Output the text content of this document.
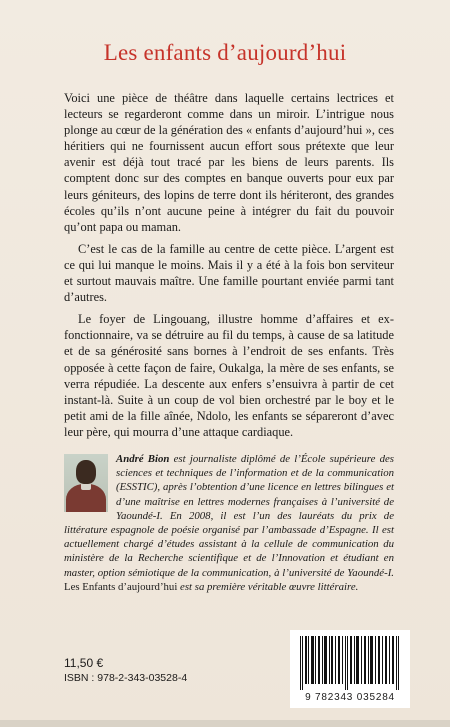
Les enfants d’aujourd’hui

Voici une pièce de théâtre dans laquelle certains lectrices et lecteurs se regarderont comme dans un miroir. L’intrigue nous plonge au cœur de la génération des « enfants d’aujourd’hui », ces héritiers qui ne fournissent aucun effort sous prétexte que leur avenir est déjà tout tracé par les biens de leurs parents. Ils comptent donc sur des comptes en banque ouverts pour eux par leurs géniteurs, des lopins de terre dont ils hériteront, des grandes écoles qu’ils n’ont aucune peine à intégrer du fait du pouvoir qu’ont papa ou maman.

C’est le cas de la famille au centre de cette pièce. L’argent est ce qui lui manque le moins. Mais il y a été à la fois bon serviteur et surtout mauvais maître. Une famille pourtant enviée parmi tant d’autres.

Le foyer de Lingouang, illustre homme d’affaires et ex-fonctionnaire, va se détruire au fil du temps, à cause de sa latitude et de sa générosité sans bornes à l’endroit de ses enfants. Très opposée à cette façon de faire, Oukalga, la mère de ses enfants, se verra répudiée. La descente aux enfers s’ensuivra à partir de cet instant-là. Suite à un coup de vol bien orchestré par le boy et le petit ami de la fille aînée, Ndolo, les enfants se sépareront d’avec leur père, qui mourra d’une attaque cardiaque.

André Bion est journaliste diplômé de l’École supérieure des sciences et techniques de l’information et de la communication (ESSTIC), après l’obtention d’une licence en lettres bilingues et d’une maîtrise en lettres modernes françaises à l’université de Yaoundé-I. En 2008, il est l’un des lauréats du prix de littérature espagnole de poésie organisé par l’ambassade d’Espagne. Il est actuellement chargé d’études assistant à la cellule de communication du ministère de la Recherche scientifique et de l’Innovation et étudiant en master, option sémiotique de la communication, à l’université de Yaoundé-I. Les Enfants d’aujourd’hui est sa première véritable œuvre littéraire.
11,50 €
ISBN : 978-2-343-03528-4
9 782343 035284
